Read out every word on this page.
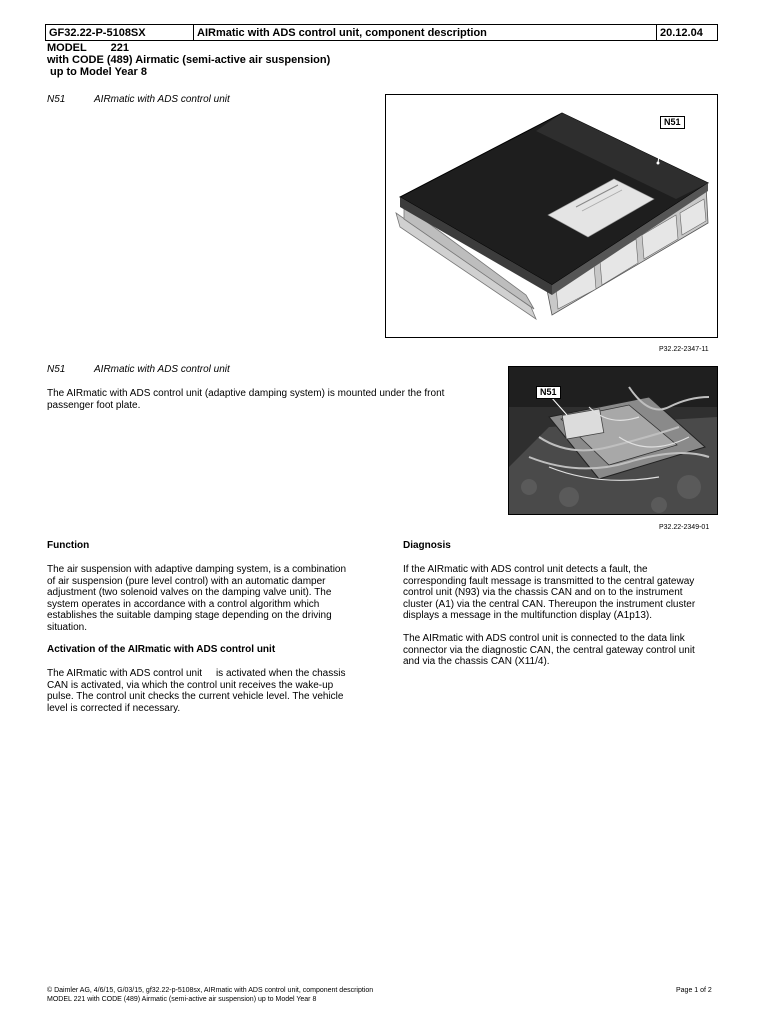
GF32.22-P-5108SX	AIRmatic with ADS control unit, component description	20.12.04
MODEL 221
with CODE (489) Airmatic (semi-active air suspension)
up to Model Year 8
N51	AIRmatic with ADS control unit
N51
P32.22-2347-11
N51	AIRmatic with ADS control unit
The AIRmatic with ADS control unit (adaptive damping system) is mounted under the front passenger foot plate.
N51
P32.22-2349-01
Function
The air suspension with adaptive damping system, is a combination of air suspension (pure level control) with an automatic damper adjustment (two solenoid valves on the damping valve unit). The system operates in accordance with a control algorithm which establishes the suitable damping stage depending on the driving situation.
Activation of the AIRmatic with ADS control unit
The AIRmatic with ADS control unit     is activated when the chassis CAN is activated, via which the control unit receives the wake-up pulse. The control unit checks the current vehicle level. The vehicle level is corrected if necessary.
Diagnosis
If the AIRmatic with ADS control unit detects a fault, the corresponding fault message is transmitted to the central gateway control unit (N93) via the chassis CAN and on to the instrument cluster (A1) via the central CAN. Thereupon the instrument cluster displays a message in the multifunction display (A1p13).
The AIRmatic with ADS control unit is connected to the data link connector via the diagnostic CAN, the central gateway control unit and via the chassis CAN (X11/4).
© Daimler AG, 4/6/15, G/03/15, gf32.22-p-5108sx, AIRmatic with ADS control unit, component description
MODEL 221 with CODE (489) Airmatic (semi-active air suspension) up to Model Year 8
Page 1 of 2
